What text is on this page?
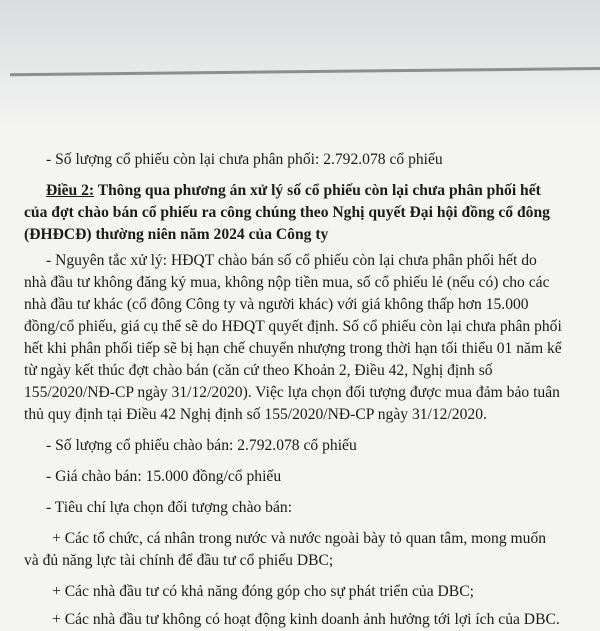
- Số lượng cổ phiếu còn lại chưa phân phối: 2.792.078 cổ phiếu
Điều 2: Thông qua phương án xử lý số cổ phiếu còn lại chưa phân phối hết
của đợt chào bán cổ phiếu ra công chúng theo Nghị quyết Đại hội đồng cổ đông
(ĐHĐCĐ) thường niên năm 2024 của Công ty
- Nguyên tắc xử lý: HĐQT chào bán số cổ phiếu còn lại chưa phân phối hết do
nhà đầu tư không đăng ký mua, không nộp tiền mua, số cổ phiếu lẻ (nếu có) cho các
nhà đầu tư khác (cổ đông Công ty và người khác) với giá không thấp hơn 15.000
đồng/cổ phiếu, giá cụ thể sẽ do HĐQT quyết định. Số cổ phiếu còn lại chưa phân phối
hết khi phân phối tiếp sẽ bị hạn chế chuyển nhượng trong thời hạn tối thiểu 01 năm kể
từ ngày kết thúc đợt chào bán (căn cứ theo Khoản 2, Điều 42, Nghị định số
155/2020/NĐ-CP ngày 31/12/2020). Việc lựa chọn đối tượng được mua đảm bảo tuân
thủ quy định tại Điều 42 Nghị định số 155/2020/NĐ-CP ngày 31/12/2020.
- Số lượng cổ phiếu chào bán: 2.792.078 cổ phiếu
- Giá chào bán: 15.000 đồng/cổ phiếu
- Tiêu chí lựa chọn đối tượng chào bán:
+ Các tổ chức, cá nhân trong nước và nước ngoài bày tỏ quan tâm, mong muốn
và đủ năng lực tài chính để đầu tư cổ phiếu DBC;
+ Các nhà đầu tư có khả năng đóng góp cho sự phát triển của DBC;
+ Các nhà đầu tư không có hoạt động kinh doanh ảnh hưởng tới lợi ích của DBC.
